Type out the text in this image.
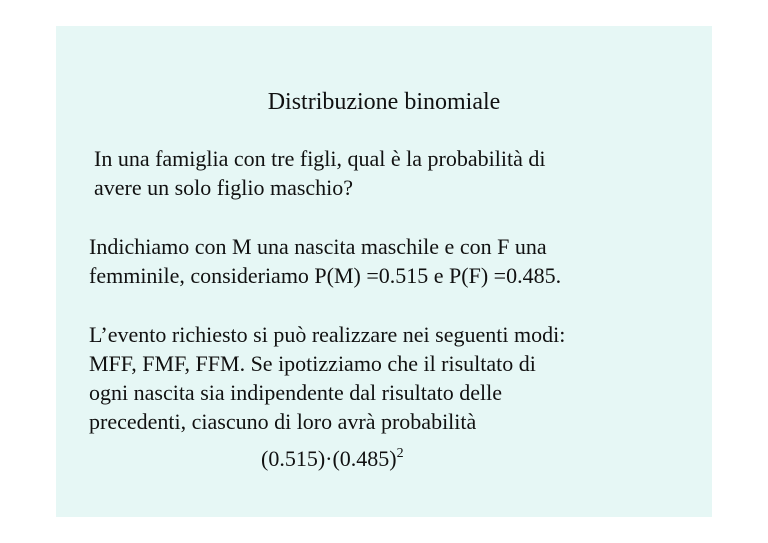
Distribuzione binomiale
In una famiglia con tre figli, qual è la probabilità di
avere un solo figlio maschio?
Indichiamo con M una nascita maschile e con F una
femminile, consideriamo P(M) =0.515 e P(F) =0.485.
L’evento richiesto si può realizzare nei seguenti modi:
MFF, FMF, FFM. Se ipotizziamo che il risultato di
ogni nascita sia indipendente dal risultato delle
precedenti, ciascuno di loro avrà probabilità
$(0.515)\cdot(0.485)^2$
